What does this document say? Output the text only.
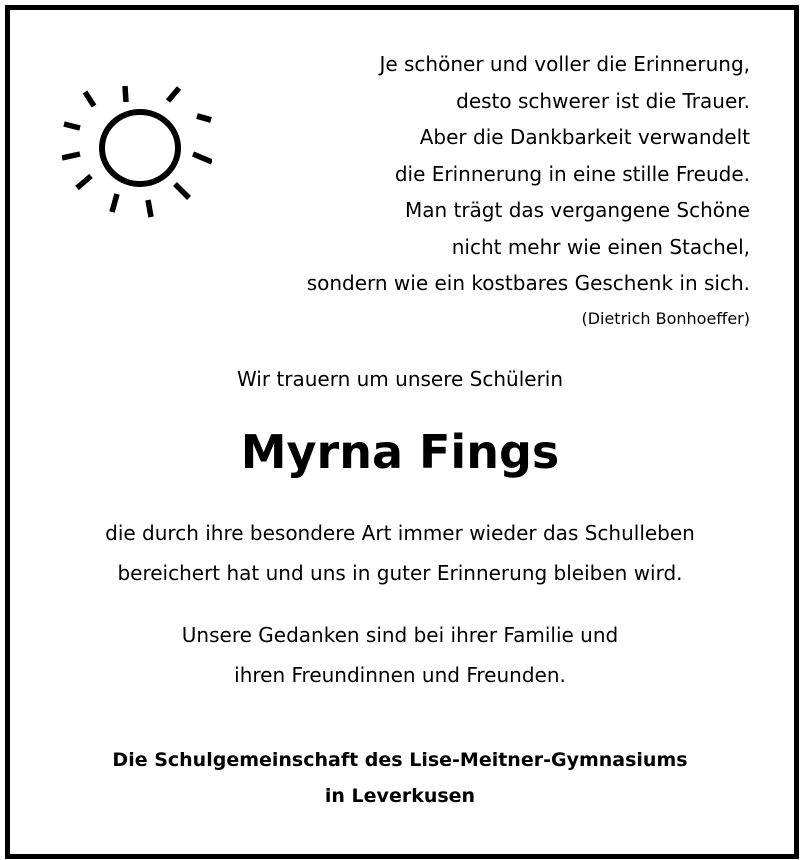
Je schöner und voller die Erinnerung,
desto schwerer ist die Trauer.
Aber die Dankbarkeit verwandelt
die Erinnerung in eine stille Freude.
Man trägt das vergangene Schöne
nicht mehr wie einen Stachel,
sondern wie ein kostbares Geschenk in sich.
(Dietrich Bonhoeffer)
Wir trauern um unsere Schülerin
Myrna Fings
die durch ihre besondere Art immer wieder das Schulleben
bereichert hat und uns in guter Erinnerung bleiben wird.
Unsere Gedanken sind bei ihrer Familie und
ihren Freundinnen und Freunden.
Die Schulgemeinschaft des Lise-Meitner-Gymnasiums
in Leverkusen
